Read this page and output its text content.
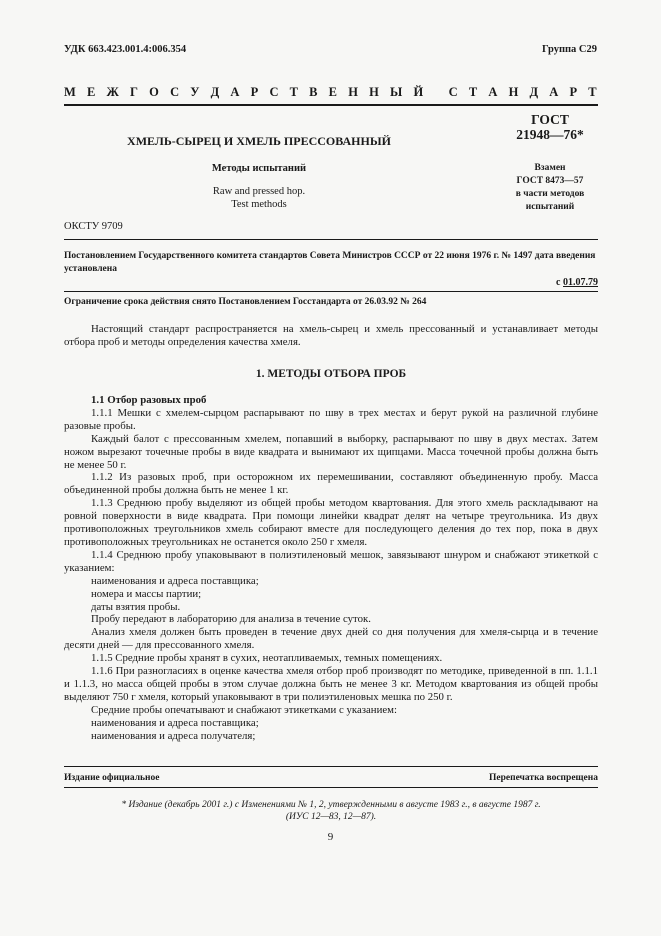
УДК 663.423.001.4:006.354	Группа С29
М Е Ж Г О С У Д А Р С Т В Е Н Н Ы Й
С Т А Н Д А Р Т
ХМЕЛЬ-СЫРЕЦ И ХМЕЛЬ ПРЕССОВАННЫЙ
Методы испытаний
Raw and pressed hop.
Test methods
ОКСТУ 9709
ГОСТ
21948—76*
Взамен
ГОСТ 8473—57
в части методов
испытаний
Постановлением Государственного комитета стандартов Совета Министров СССР от 22 июня 1976 г. № 1497 дата введения установлена
с 01.07.79
Ограничение срока действия снято Постановлением Госстандарта от 26.03.92 № 264

Настоящий стандарт распространяется на хмель-сырец и хмель прессованный и устанавливает методы отбора проб и методы определения качества хмеля.

1. МЕТОДЫ ОТБОРА ПРОБ

1.1 Отбор разовых проб

1.1.1 Мешки с хмелем-сырцом распарывают по шву в трех местах и берут рукой на различной глубине разовые пробы.

Каждый балот с прессованным хмелем, попавший в выборку, распарывают по шву в двух местах. Затем ножом вырезают точечные пробы в виде квадрата и вынимают их щипцами. Масса точечной пробы должна быть не менее 50 г.

1.1.2 Из разовых проб, при осторожном их перемешивании, составляют объединенную пробу. Масса объединенной пробы должна быть не менее 1 кг.

1.1.3 Среднюю пробу выделяют из общей пробы методом квартования. Для этого хмель раскладывают на ровной поверхности в виде квадрата. При помощи линейки квадрат делят на четыре треугольника. Из двух противоположных треугольников хмель собирают вместе для последующего деления до тех пор, пока в двух противоположных треугольниках не останется около 250 г хмеля.

1.1.4 Среднюю пробу упаковывают в полиэтиленовый мешок, завязывают шнуром и снабжают этикеткой с указанием:

наименования и адреса поставщика;

номера и массы партии;

даты взятия пробы.

Пробу передают в лабораторию для анализа в течение суток.

Анализ хмеля должен быть проведен в течение двух дней со дня получения для хмеля-сырца и в течение десяти дней — для прессованного хмеля.

1.1.5 Средние пробы хранят в сухих, неотапливаемых, темных помещениях.

1.1.6 При разногласиях в оценке качества хмеля отбор проб производят по методике, приведенной в пп. 1.1.1 и 1.1.3, но масса общей пробы в этом случае должна быть не менее 3 кг. Методом квартования из общей пробы выделяют 750 г хмеля, который упаковывают в три полиэтиленовых мешка по 250 г.

Средние пробы опечатывают и снабжают этикетками с указанием:

наименования и адреса поставщика;

наименования и адреса получателя;

Издание официальное	Перепечатка воспрещена
* Издание (декабрь 2001 г.) с Изменениями № 1, 2, утвержденными в августе 1983 г., в августе 1987 г.
(ИУС 12—83, 12—87).
9
